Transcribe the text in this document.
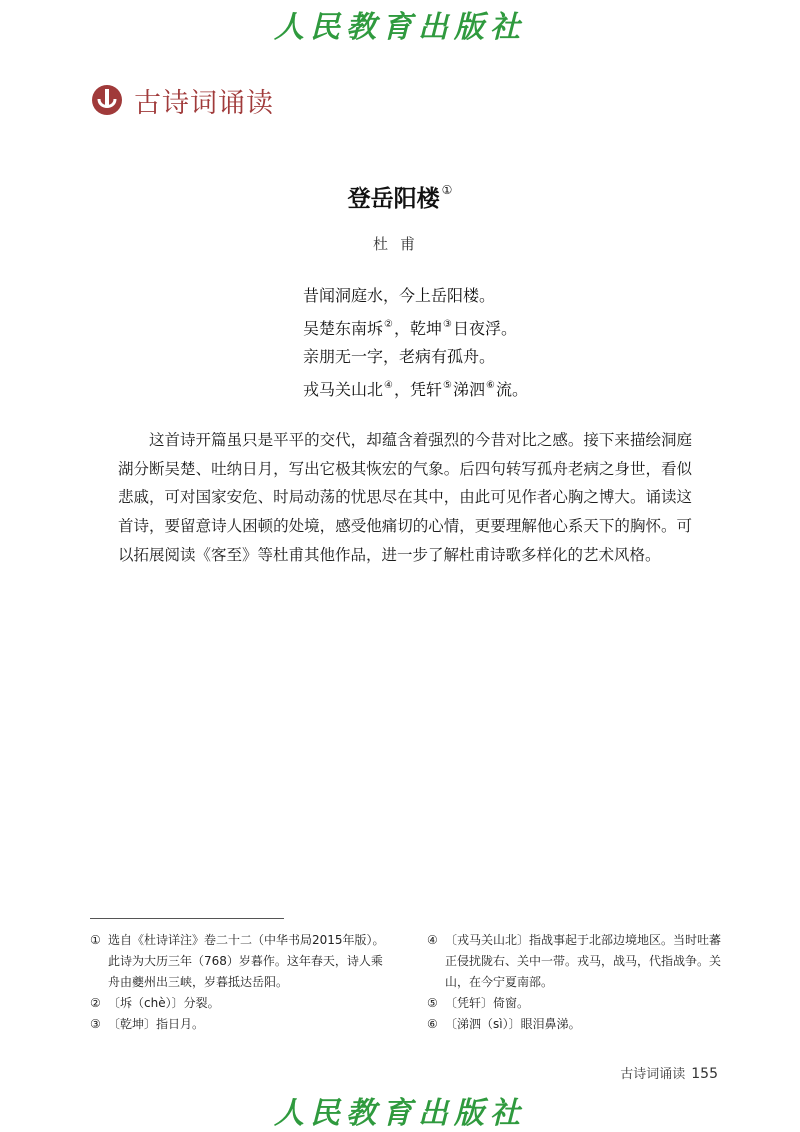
人民教育出版社
古诗词诵读
登岳阳楼 ①
杜甫
昔闻洞庭水，今上岳阳楼。
吴楚东南坼②，乾坤③日夜浮。
亲朋无一字，老病有孤舟。
戎马关山北④，凭轩⑤涕泗⑥流。
这首诗开篇虽只是平平的交代，却蕴含着强烈的今昔对比之感。接下来描绘洞庭湖分断吴楚、吐纳日月，写出它极其恢宏的气象。后四句转写孤舟老病之身世，看似悲戚，可对国家安危、时局动荡的忧思尽在其中，由此可见作者心胸之博大。诵读这首诗，要留意诗人困顿的处境，感受他痛切的心情，更要理解他心系天下的胸怀。可以拓展阅读《客至》等杜甫其他作品，进一步了解杜甫诗歌多样化的艺术风格。
① 选自《杜诗详注》卷二十二（中华书局2015年版）。此诗为大历三年（768）岁暮作。这年春天，诗人乘舟由夔州出三峡，岁暮抵达岳阳。
② 〔坼（chè）〕分裂。
③ 〔乾坤〕指日月。
④ 〔戎马关山北〕指战事起于北部边境地区。当时吐蕃正侵扰陇右、关中一带。戎马，战马，代指战争。关山，在今宁夏南部。
⑤ 〔凭轩〕倚窗。
⑥ 〔涕泗（sì）〕眼泪鼻涕。
古诗词诵读 155
人民教育出版社
